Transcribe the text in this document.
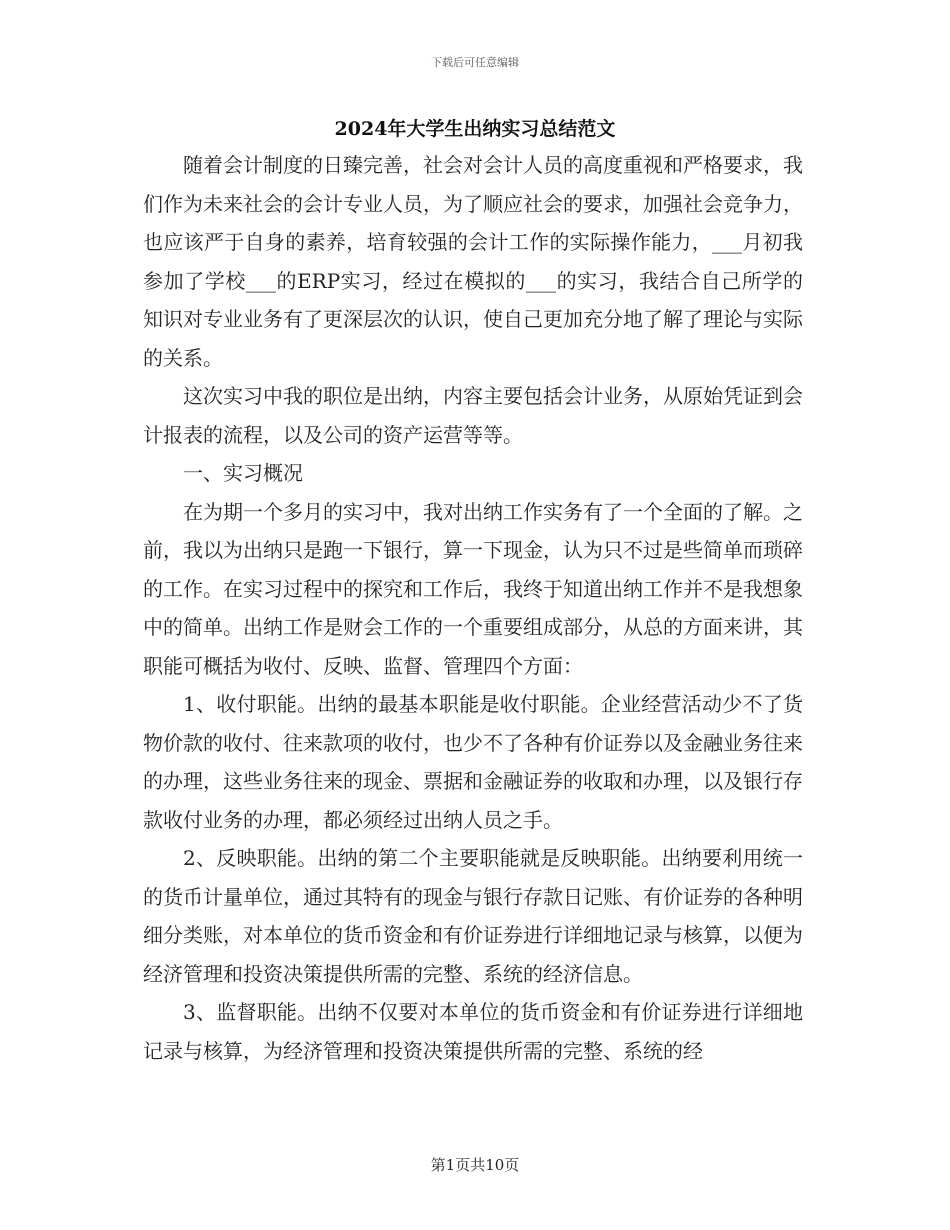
下载后可任意编辑
2024年大学生出纳实习总结范文

随着会计制度的日臻完善，社会对会计人员的高度重视和严格要求，我们作为未来社会的会计专业人员，为了顺应社会的要求，加强社会竞争力，也应该严于自身的素养，培育较强的会计工作的实际操作能力，___月初我参加了学校___的ERP实习，经过在模拟的___的实习，我结合自己所学的知识对专业业务有了更深层次的认识，使自己更加充分地了解了理论与实际的关系。

这次实习中我的职位是出纳，内容主要包括会计业务，从原始凭证到会计报表的流程，以及公司的资产运营等等。

一、实习概况

在为期一个多月的实习中，我对出纳工作实务有了一个全面的了解。之前，我以为出纳只是跑一下银行，算一下现金，认为只不过是些简单而琐碎的工作。在实习过程中的探究和工作后，我终于知道出纳工作并不是我想象中的简单。出纳工作是财会工作的一个重要组成部分，从总的方面来讲，其职能可概括为收付、反映、监督、管理四个方面：

1、收付职能。出纳的最基本职能是收付职能。企业经营活动少不了货物价款的收付、往来款项的收付，也少不了各种有价证券以及金融业务往来的办理，这些业务往来的现金、票据和金融证券的收取和办理，以及银行存款收付业务的办理，都必须经过出纳人员之手。

2、反映职能。出纳的第二个主要职能就是反映职能。出纳要利用统一的货币计量单位，通过其特有的现金与银行存款日记账、有价证券的各种明细分类账，对本单位的货币资金和有价证券进行详细地记录与核算，以便为经济管理和投资决策提供所需的完整、系统的经济信息。

3、监督职能。出纳不仅要对本单位的货币资金和有价证券进行详细地记录与核算，为经济管理和投资决策提供所需的完整、系统的经

第1页共10页
